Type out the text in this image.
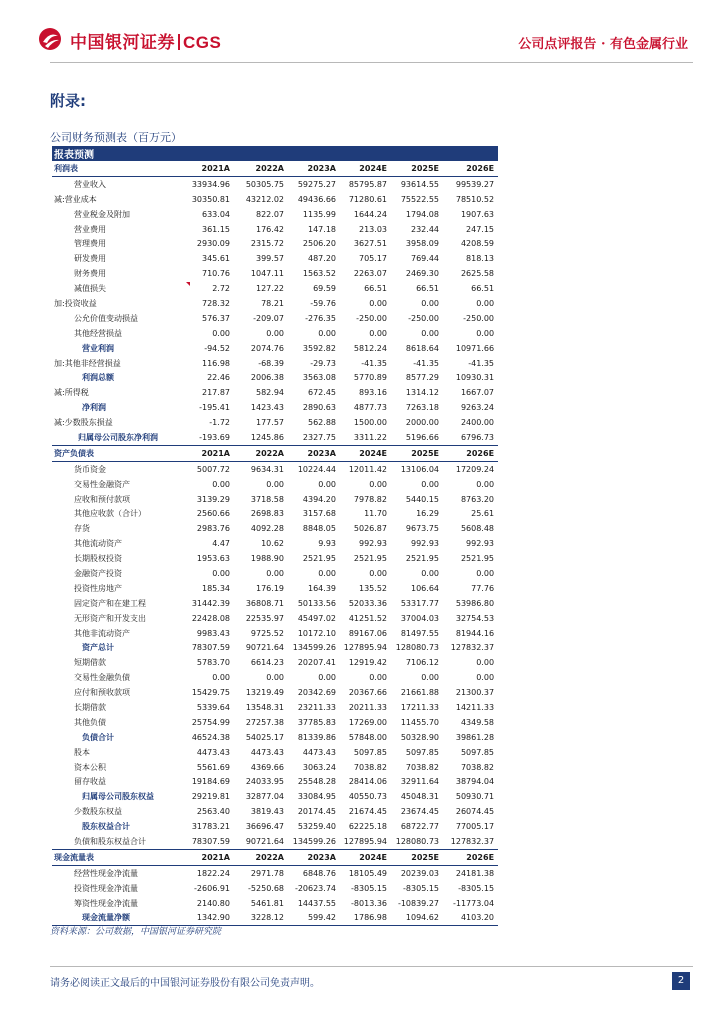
中国银河证券 CGS	公司点评报告 · 有色金属行业
附录:
公司财务预测表（百万元）
报表预测						
利润表	2021A	2022A	2023A	2024E	2025E	2026E
营业收入	33934.96	50305.75	59275.27	85795.87	93614.55	99539.27
减:营业成本	30350.81	43212.02	49436.66	71280.61	75522.55	78510.52
营业税金及附加	633.04	822.07	1135.99	1644.24	1794.08	1907.63
营业费用	361.15	176.42	147.18	213.03	232.44	247.15
管理费用	2930.09	2315.72	2506.20	3627.51	3958.09	4208.59
研发费用	345.61	399.57	487.20	705.17	769.44	818.13
财务费用	710.76	1047.11	1563.52	2263.07	2469.30	2625.58
减值损失	2.72	127.22	69.59	66.51	66.51	66.51
加:投资收益	728.32	78.21	-59.76	0.00	0.00	0.00
公允价值变动损益	576.37	-209.07	-276.35	-250.00	-250.00	-250.00
其他经营损益	0.00	0.00	0.00	0.00	0.00	0.00
营业利润	-94.52	2074.76	3592.82	5812.24	8618.64	10971.66
加:其他非经营损益	116.98	-68.39	-29.73	-41.35	-41.35	-41.35
利润总额	22.46	2006.38	3563.08	5770.89	8577.29	10930.31
减:所得税	217.87	582.94	672.45	893.16	1314.12	1667.07
净利润	-195.41	1423.43	2890.63	4877.73	7263.18	9263.24
减:少数股东损益	-1.72	177.57	562.88	1500.00	2000.00	2400.00
归属母公司股东净利润	-193.69	1245.86	2327.75	3311.22	5196.66	6796.73
资产负债表	2021A	2022A	2023A	2024E	2025E	2026E
货币资金	5007.72	9634.31	10224.44	12011.42	13106.04	17209.24
交易性金融资产	0.00	0.00	0.00	0.00	0.00	0.00
应收和预付款项	3139.29	3718.58	4394.20	7978.82	5440.15	8763.20
其他应收款（合计）	2560.66	2698.83	3157.68	11.70	16.29	25.61
存货	2983.76	4092.28	8848.05	5026.87	9673.75	5608.48
其他流动资产	4.47	10.62	9.93	992.93	992.93	992.93
长期股权投资	1953.63	1988.90	2521.95	2521.95	2521.95	2521.95
金融资产投资	0.00	0.00	0.00	0.00	0.00	0.00
投资性房地产	185.34	176.19	164.39	135.52	106.64	77.76
固定资产和在建工程	31442.39	36808.71	50133.56	52033.36	53317.77	53986.80
无形资产和开发支出	22428.08	22535.97	45497.02	41251.52	37004.03	32754.53
其他非流动资产	9983.43	9725.52	10172.10	89167.06	81497.55	81944.16
资产总计	78307.59	90721.64	134599.26	127895.94	128080.73	127832.37
短期借款	5783.70	6614.23	20207.41	12919.42	7106.12	0.00
交易性金融负债	0.00	0.00	0.00	0.00	0.00	0.00
应付和预收款项	15429.75	13219.49	20342.69	20367.66	21661.88	21300.37
长期借款	5339.64	13548.31	23211.33	20211.33	17211.33	14211.33
其他负债	25754.99	27257.38	37785.83	17269.00	11455.70	4349.58
负债合计	46524.38	54025.17	81339.86	57848.00	50328.90	39861.28
股本	4473.43	4473.43	4473.43	5097.85	5097.85	5097.85
资本公积	5561.69	4369.66	3063.24	7038.82	7038.82	7038.82
留存收益	19184.69	24033.95	25548.28	28414.06	32911.64	38794.04
归属母公司股东权益	29219.81	32877.04	33084.95	40550.73	45048.31	50930.71
少数股东权益	2563.40	3819.43	20174.45	21674.45	23674.45	26074.45
股东权益合计	31783.21	36696.47	53259.40	62225.18	68722.77	77005.17
负债和股东权益合计	78307.59	90721.64	134599.26	127895.94	128080.73	127832.37
现金流量表	2021A	2022A	2023A	2024E	2025E	2026E
经营性现金净流量	1822.24	2971.78	6848.76	18105.49	20239.03	24181.38
投资性现金净流量	-2606.91	-5250.68	-20623.74	-8305.15	-8305.15	-8305.15
筹资性现金净流量	2140.80	5461.81	14437.55	-8013.36	-10839.27	-11773.04
现金流量净额	1342.90	3228.12	599.42	1786.98	1094.62	4103.20
资料来源：公司数据，中国银河证券研究院
请务必阅读正文最后的中国银河证券股份有限公司免责声明。	2
